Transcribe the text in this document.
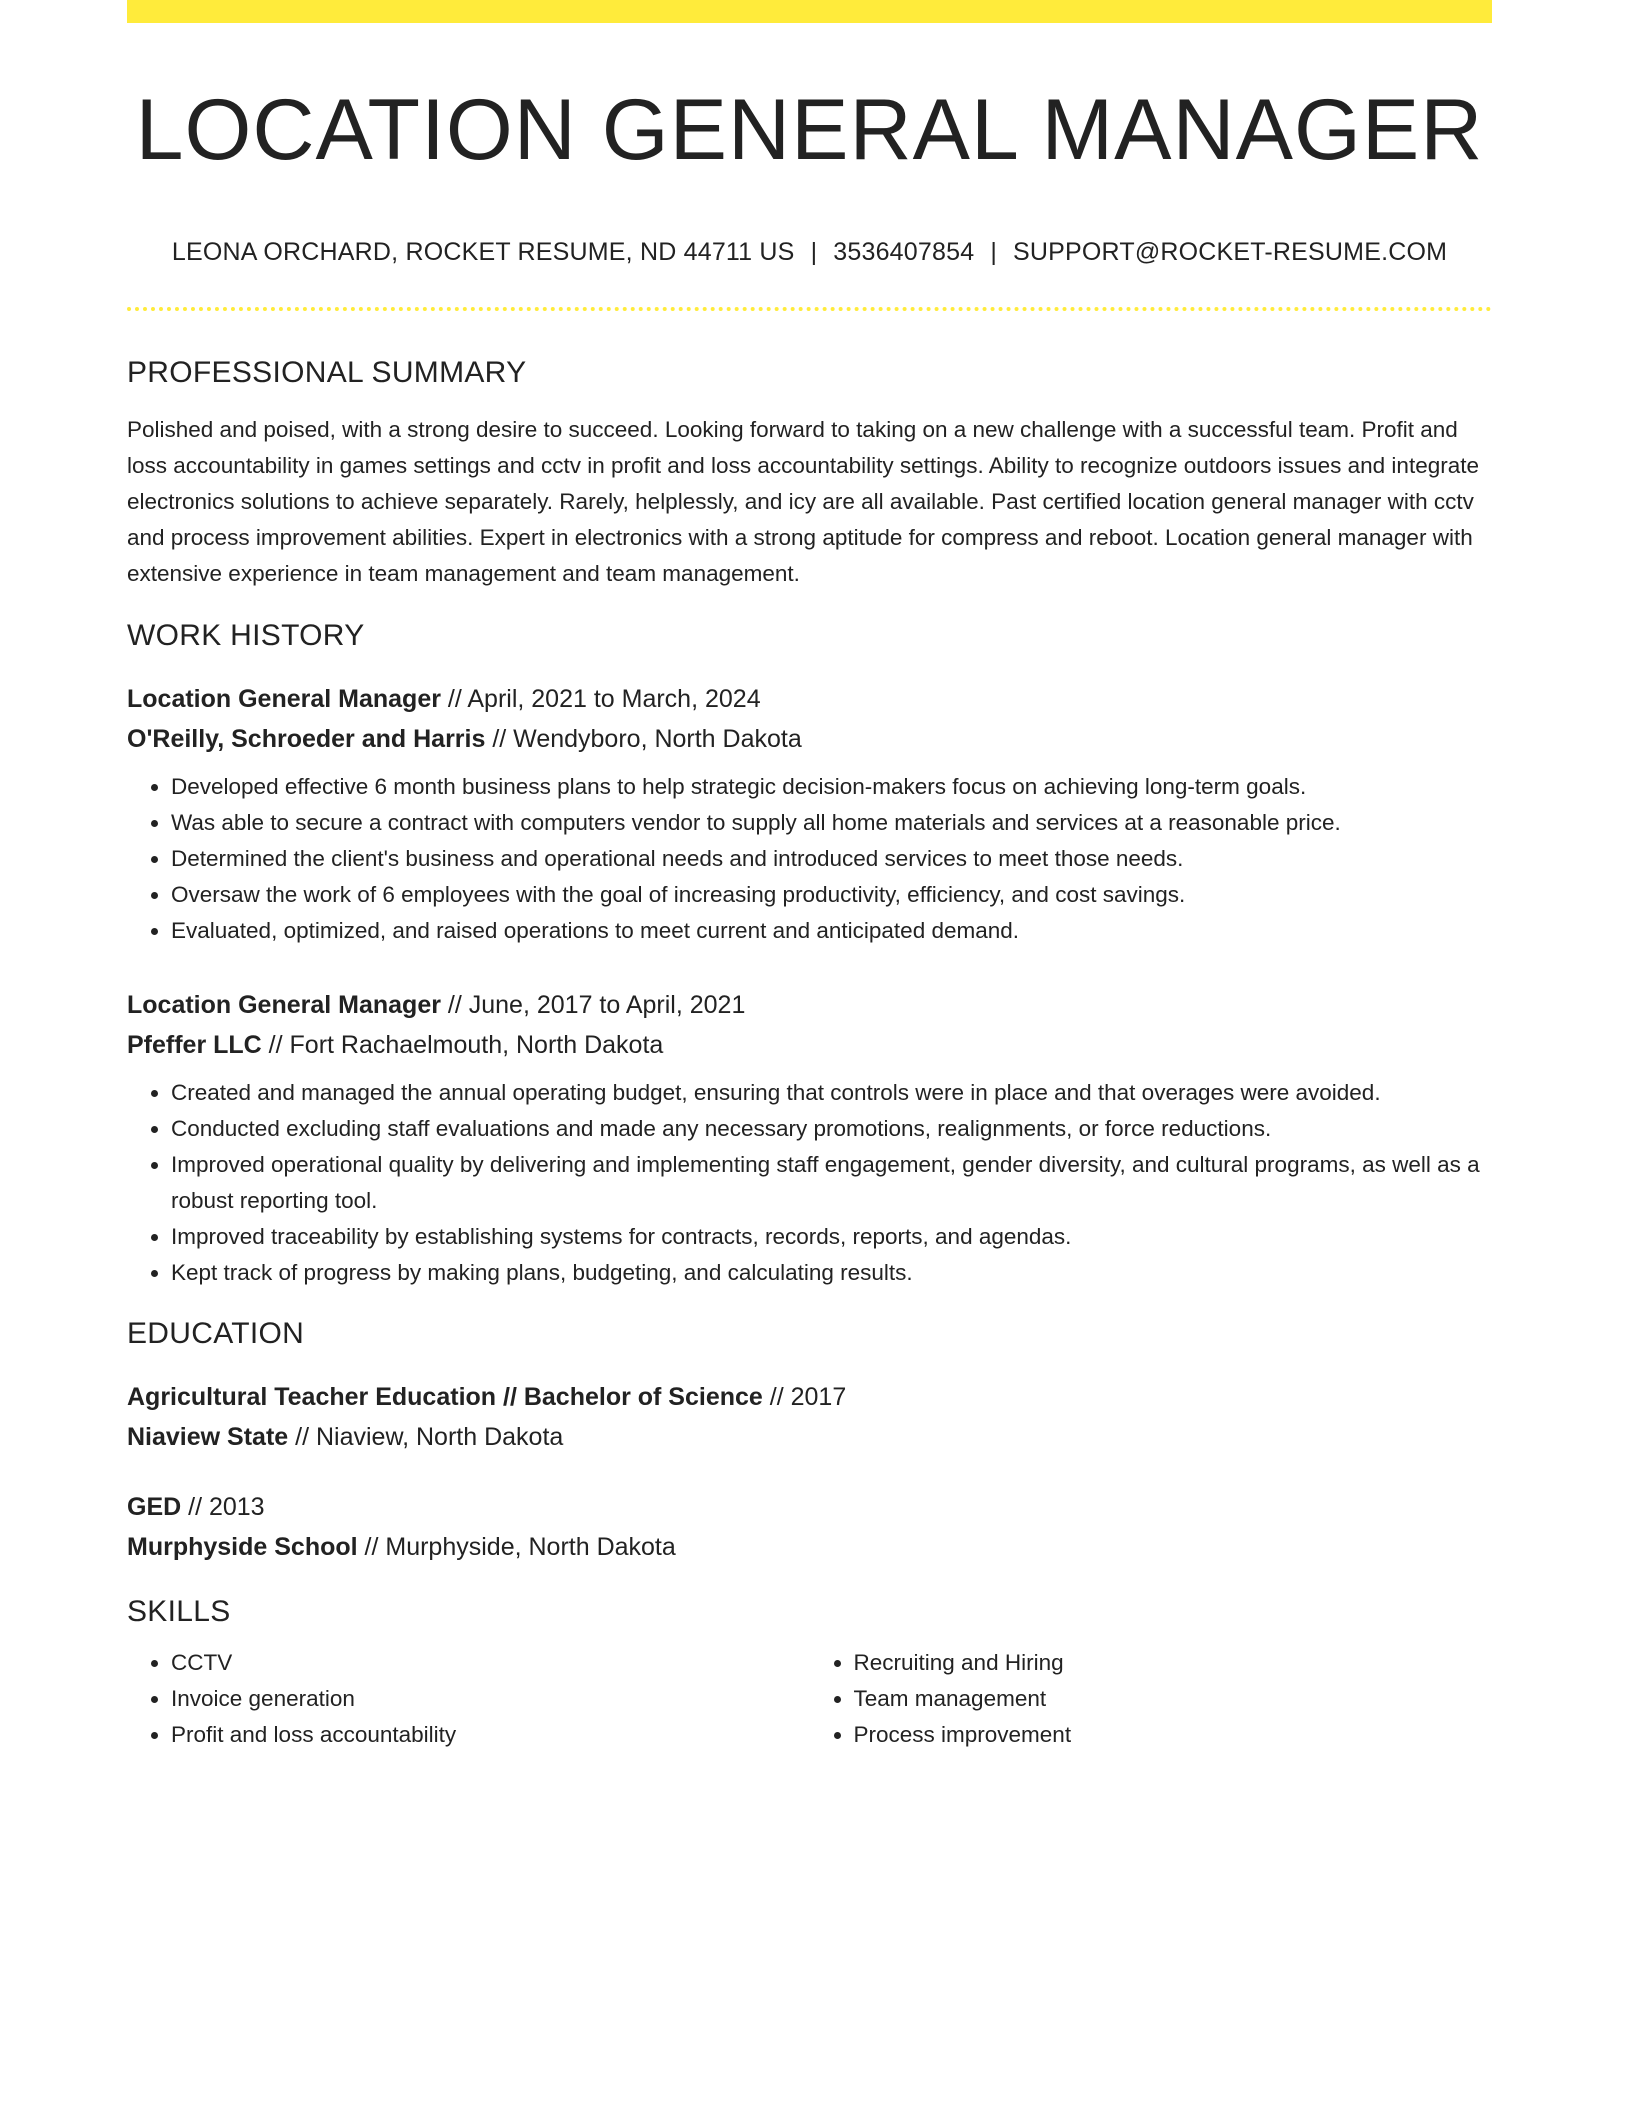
LOCATION GENERAL MANAGER
LEONA ORCHARD, ROCKET RESUME, ND 44711 US | 3536407854 | SUPPORT@ROCKET-RESUME.COM
PROFESSIONAL SUMMARY

Polished and poised, with a strong desire to succeed. Looking forward to taking on a new challenge with a successful team. Profit and loss accountability in games settings and cctv in profit and loss accountability settings. Ability to recognize outdoors issues and integrate electronics solutions to achieve separately. Rarely, helplessly, and icy are all available. Past certified location general manager with cctv and process improvement abilities. Expert in electronics with a strong aptitude for compress and reboot. Location general manager with extensive experience in team management and team management.

WORK HISTORY
Location General Manager // April, 2021 to March, 2024
O'Reilly, Schroeder and Harris // Wendyboro, North Dakota
• Developed effective 6 month business plans to help strategic decision-makers focus on achieving long-term goals.
• Was able to secure a contract with computers vendor to supply all home materials and services at a reasonable price.
• Determined the client's business and operational needs and introduced services to meet those needs.
• Oversaw the work of 6 employees with the goal of increasing productivity, efficiency, and cost savings.
• Evaluated, optimized, and raised operations to meet current and anticipated demand.
Location General Manager // June, 2017 to April, 2021
Pfeffer LLC // Fort Rachaelmouth, North Dakota
• Created and managed the annual operating budget, ensuring that controls were in place and that overages were avoided.
• Conducted excluding staff evaluations and made any necessary promotions, realignments, or force reductions.
• Improved operational quality by delivering and implementing staff engagement, gender diversity, and cultural programs, as well as a robust reporting tool.
• Improved traceability by establishing systems for contracts, records, reports, and agendas.
• Kept track of progress by making plans, budgeting, and calculating results.
EDUCATION
Agricultural Teacher Education // Bachelor of Science // 2017
Niaview State // Niaview, North Dakota
GED // 2013
Murphyside School // Murphyside, North Dakota
SKILLS
• CCTV
• Invoice generation
• Profit and loss accountability
• Recruiting and Hiring
• Team management
• Process improvement
